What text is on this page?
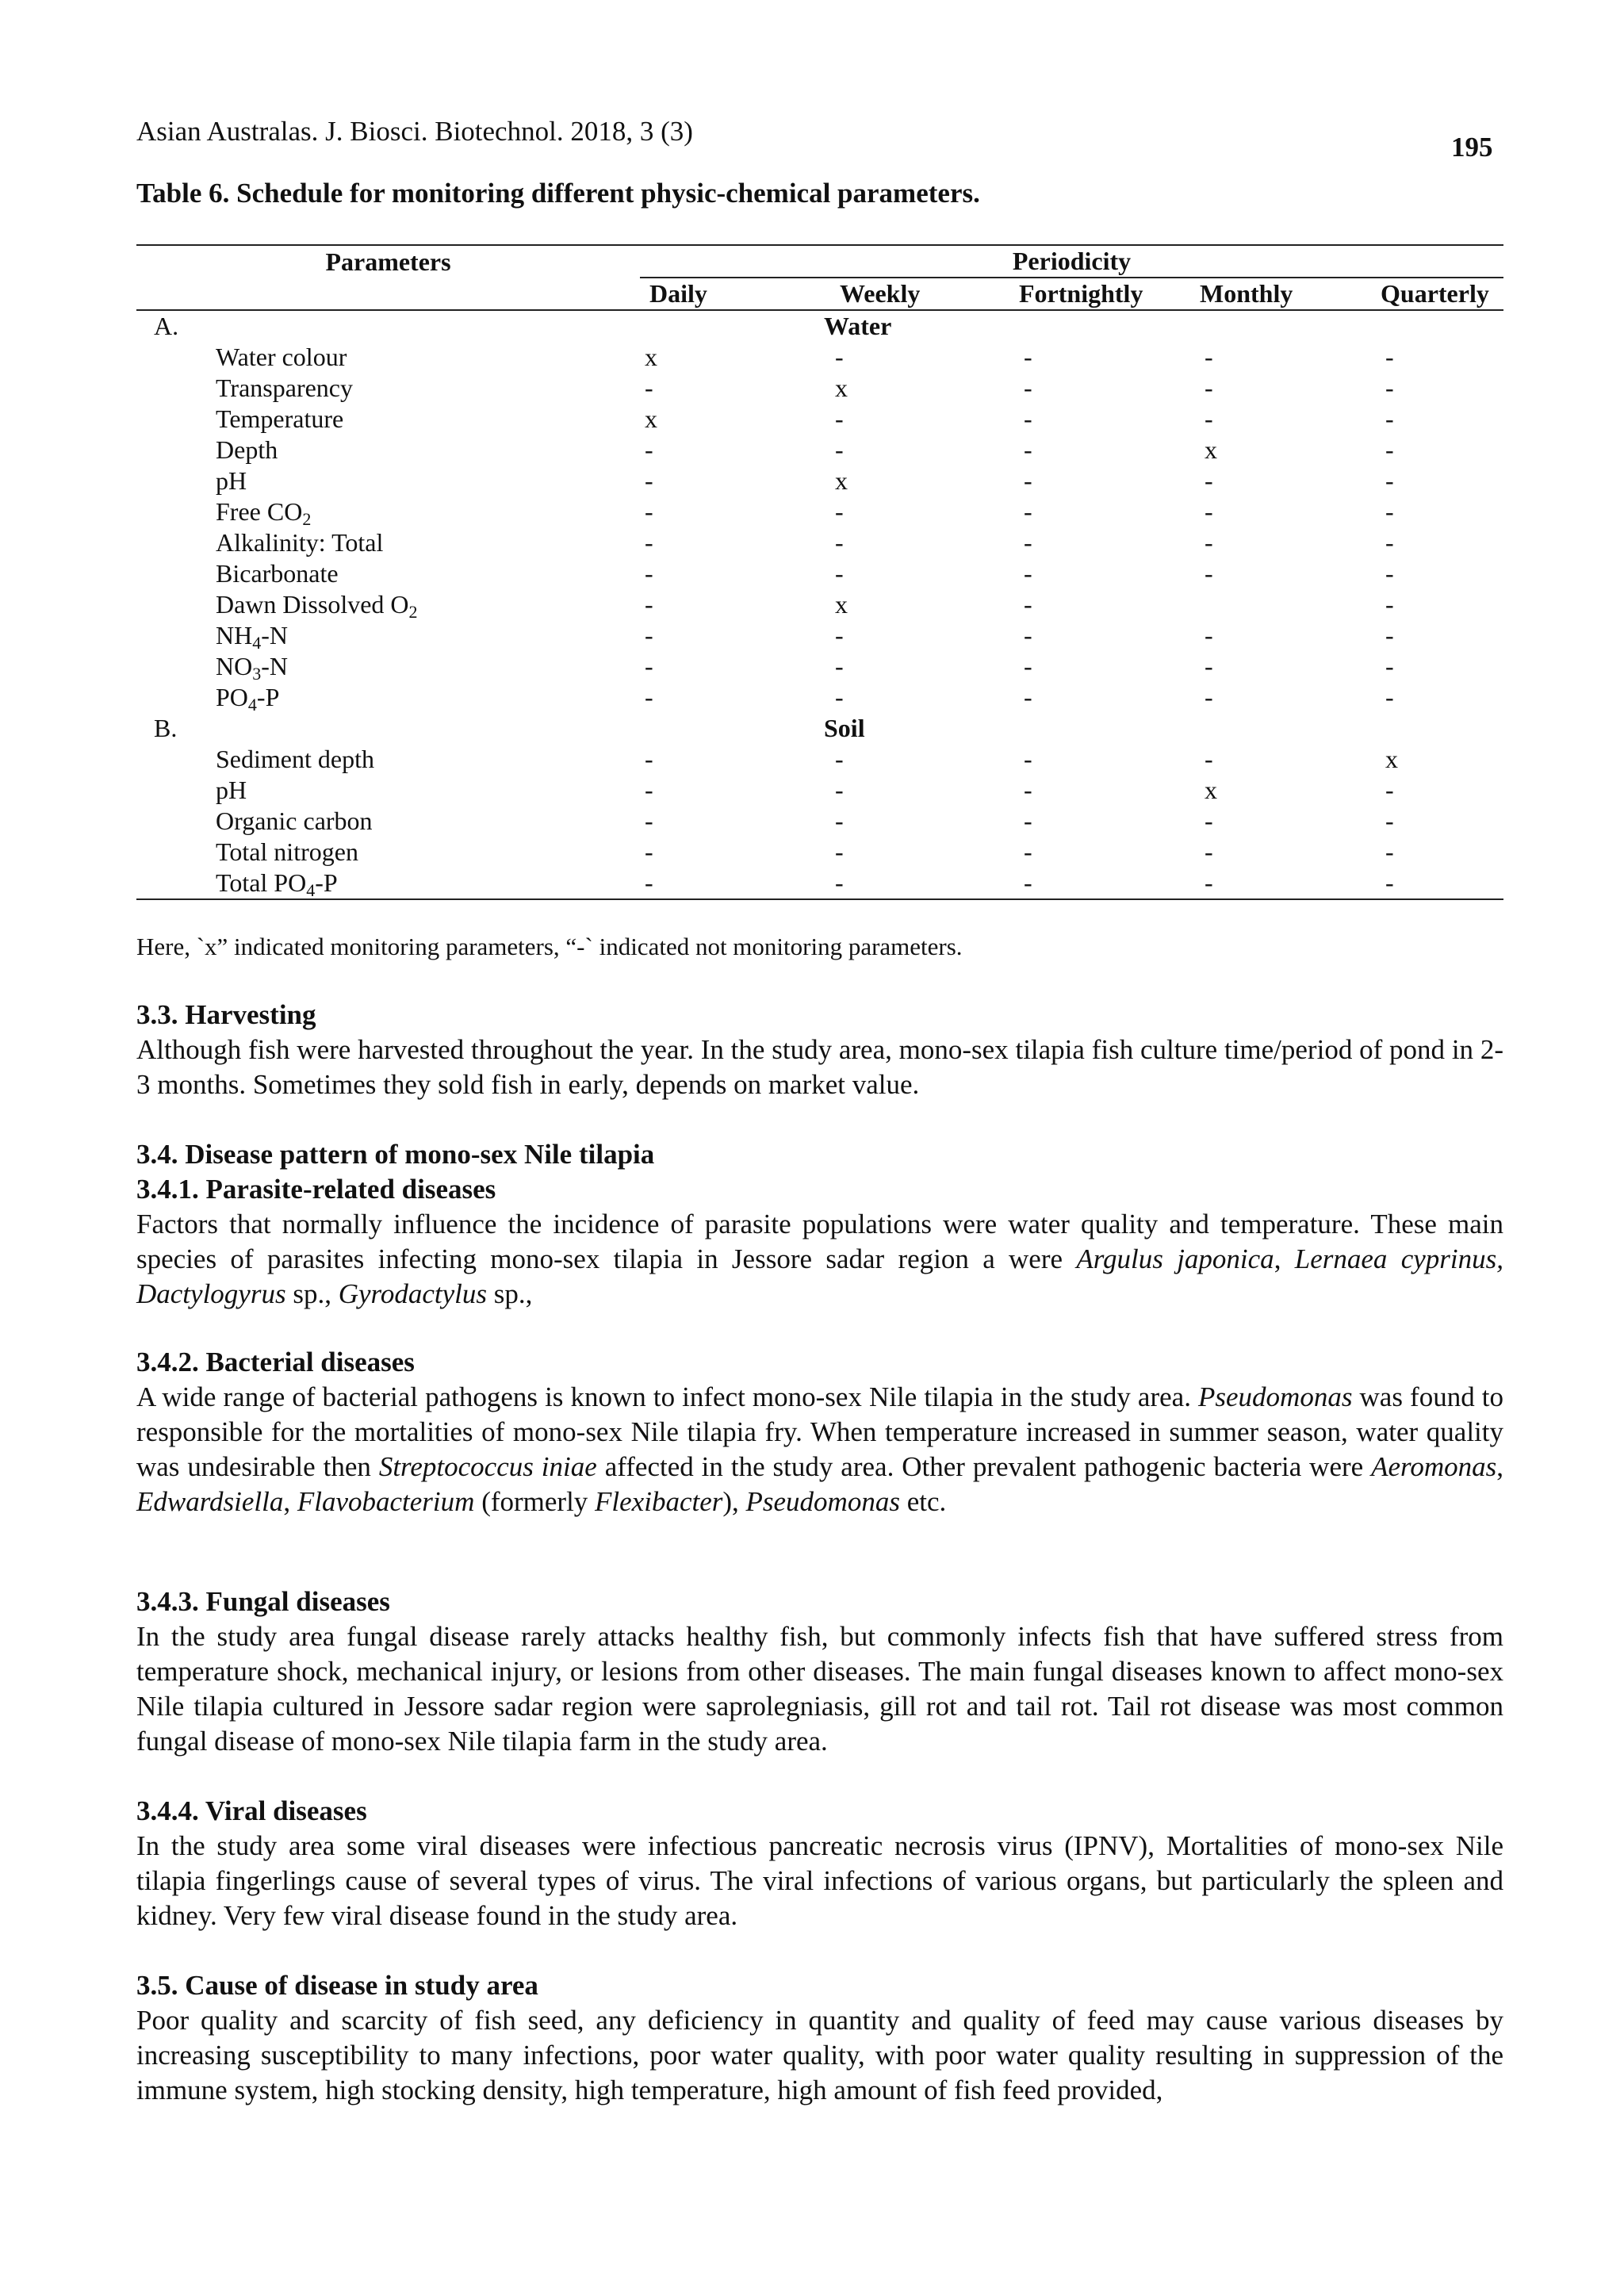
Asian Australas. J. Biosci. Biotechnol. 2018, 3 (3)
195
Table 6. Schedule for monitoring different physic-chemical parameters.
Parameters		Periodicity				
		Daily	Weekly	Fortnightly	Monthly	Quarterly
A.		Water				
	Water colour	x	-	-	-	-
	Transparency	-	x	-	-	-
	Temperature	x	-	-	-	-
	Depth	-	-	-	x	-
	pH	-	x	-	-	-
	Free $CO_2$	-	-	-	-	-
	Alkalinity: Total	-	-	-	-	-
	Bicarbonate	-	-	-	-	-
	Dawn Dissolved $O_2$	-	x	-		-
	$NH_4-N$	-	-	-	-	-
	$NO_3-N$	-	-	-	-	-
	$PO_4-P$	-	-	-	-	-
B.		Soil				
	Sediment depth	-	-	-	-	x
	pH	-	-	-	x	-
	Organic carbon	-	-	-	-	-
	Total nitrogen	-	-	-	-	-
	Total $PO_4-P$	-	-	-	-	-
Here, `x” indicated monitoring parameters, “-` indicated not monitoring parameters.
3.3. Harvesting

Although fish were harvested throughout the year. In the study area, mono-sex tilapia fish culture time/period of pond in 2-3 months. Sometimes they sold fish in early, depends on market value.

3.4. Disease pattern of mono-sex Nile tilapia
3.4.1. Parasite-related diseases

Factors that normally influence the incidence of parasite populations were water quality and temperature. These main species of parasites infecting mono-sex tilapia in Jessore sadar region a were Argulus japonica, Lernaea cyprinus, Dactylogyrus sp., Gyrodactylus sp.,

3.4.2. Bacterial diseases

A wide range of bacterial pathogens is known to infect mono-sex Nile tilapia in the study area. Pseudomonas was found to responsible for the mortalities of mono-sex Nile tilapia fry. When temperature increased in summer season, water quality was undesirable then Streptococcus iniae affected in the study area. Other prevalent pathogenic bacteria were Aeromonas, Edwardsiella, Flavobacterium (formerly Flexibacter), Pseudomonas etc.

3.4.3. Fungal diseases

In the study area fungal disease rarely attacks healthy fish, but commonly infects fish that have suffered stress from temperature shock, mechanical injury, or lesions from other diseases. The main fungal diseases known to affect mono-sex Nile tilapia cultured in Jessore sadar region were saprolegniasis, gill rot and tail rot. Tail rot disease was most common fungal disease of mono-sex Nile tilapia farm in the study area.

3.4.4. Viral diseases

In the study area some viral diseases were infectious pancreatic necrosis virus (IPNV), Mortalities of mono-sex Nile tilapia fingerlings cause of several types of virus. The viral infections of various organs, but particularly the spleen and kidney. Very few viral disease found in the study area.

3.5. Cause of disease in study area

Poor quality and scarcity of fish seed, any deficiency in quantity and quality of feed may cause various diseases by increasing susceptibility to many infections, poor water quality, with poor water quality resulting in suppression of the immune system, high stocking density, high temperature, high amount of fish feed provided,
